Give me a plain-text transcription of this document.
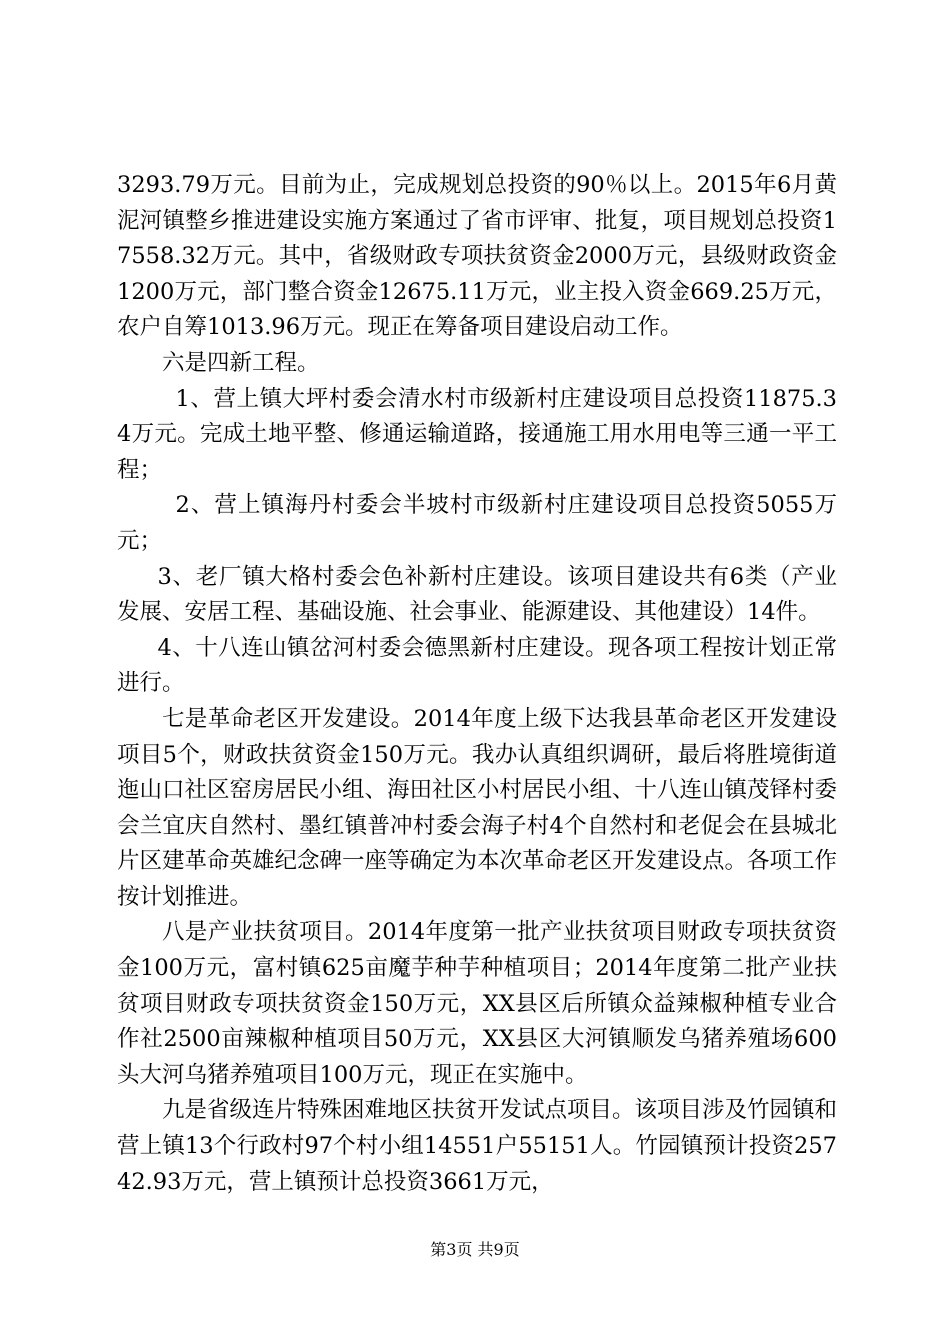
3293.79万元。目前为止，完成规划总投资的90％以上。2015年6月黄泥河镇整乡推进建设实施方案通过了省市评审、批复，项目规划总投资17558.32万元。其中，省级财政专项扶贫资金2000万元，县级财政资金1200万元，部门整合资金12675.11万元，业主投入资金669.25万元，农户自筹1013.96万元。现正在筹备项目建设启动工作。

六是四新工程。

1、营上镇大坪村委会清水村市级新村庄建设项目总投资11875.34万元。完成土地平整、修通运输道路，接通施工用水用电等三通一平工程；

2、营上镇海丹村委会半坡村市级新村庄建设项目总投资5055万元；

3、老厂镇大格村委会色补新村庄建设。该项目建设共有6类（产业发展、安居工程、基础设施、社会事业、能源建设、其他建设）14件。

4、十八连山镇岔河村委会德黑新村庄建设。现各项工程按计划正常进行。

七是革命老区开发建设。2014年度上级下达我县革命老区开发建设项目5个，财政扶贫资金150万元。我办认真组织调研，最后将胜境街道迤山口社区窑房居民小组、海田社区小村居民小组、十八连山镇茂铎村委会兰宜庆自然村、墨红镇普冲村委会海子村4个自然村和老促会在县城北片区建革命英雄纪念碑一座等确定为本次革命老区开发建设点。各项工作按计划推进。

八是产业扶贫项目。2014年度第一批产业扶贫项目财政专项扶贫资金100万元，富村镇625亩魔芋种芋种植项目；2014年度第二批产业扶贫项目财政专项扶贫资金150万元，XX县区后所镇众益辣椒种植专业合作社2500亩辣椒种植项目50万元，XX县区大河镇顺发乌猪养殖场600头大河乌猪养殖项目100万元，现正在实施中。

九是省级连片特殊困难地区扶贫开发试点项目。该项目涉及竹园镇和营上镇13个行政村97个村小组14551户55151人。竹园镇预计投资25742.93万元，营上镇预计总投资3661万元，

第3页 共9页
